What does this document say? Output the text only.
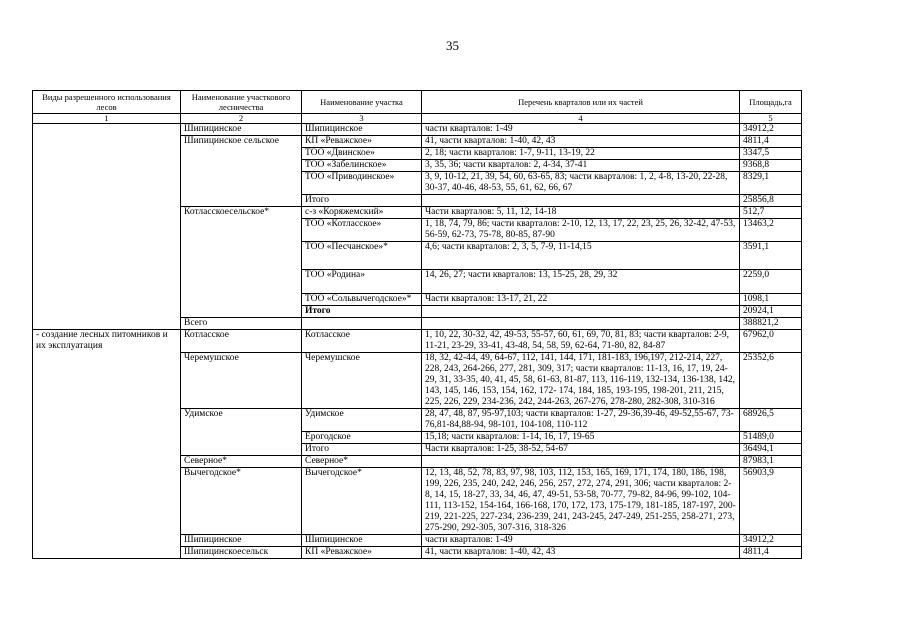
35
Виды разрешенного использования лесов	Наименование участкового лесничества	Наименование участка	Перечень кварталов или их частей	Площадь,га
1	2	3	4	5
	Шипицинское	Шипицинское	части кварталов: 1-49	34912,2
	Шипицинское сельское	КП «Реважское»	41, части кварталов: 1-40, 42, 43	4811,4
		ТОО «Двинское»	2, 18; части кварталов: 1-7, 9-11, 13-19, 22	3347,5
		ТОО «Забелинское»	3, 35, 36; части кварталов: 2, 4-34, 37-41	9368,8
		ТОО «Приводинское»	3, 9, 10-12, 21, 39, 54, 60, 63-65, 83; части кварталов: 1, 2, 4-8, 13-20, 22-28, 30-37, 40-46, 48-53, 55, 61, 62, 66, 67	8329,1
		Итого		25856,8
	Котласскоесельское*	с-з «Коряжемский»	Части кварталов: 5, 11, 12, 14-18	512,7
		ТОО «Котласское»	1, 18, 74, 79, 86; части кварталов: 2-10, 12, 13, 17, 22, 23, 25, 26, 32-42, 47-53, 56-59, 62-73, 75-78, 80-85, 87-90	13463,2
		ТОО «Песчанское»*	4,6; части кварталов: 2, 3, 5, 7-9, 11-14,15	3591,1
		ТОО «Родина»	14, 26, 27; части кварталов: 13, 15-25, 28, 29, 32	2259,0
		ТОО «Сольвычегодское»*	Части кварталов: 13-17, 21, 22	1098,1
		Итого		20924,1
	Всего			388821,2
- создание лесных питомников и их эксплуатация	Котласское	Котласское	1, 10, 22, 30-32, 42, 49-53, 55-57, 60, 61, 69, 70, 81, 83; части кварталов: 2-9, 11-21, 23-29, 33-41, 43-48, 54, 58, 59, 62-64, 71-80, 82, 84-87	67962,0
	Черемушское	Черемушское	18, 32, 42-44, 49, 64-67, 112, 141, 144, 171, 181-183, 196,197, 212-214, 227, 228, 243, 264-266, 277, 281, 309, 317; части кварталов: 11-13, 16, 17, 19, 24-29, 31, 33-35, 40, 41, 45, 58, 61-63, 81-87, 113, 116-119, 132-134, 136-138, 142, 143, 145, 146, 153, 154, 162, 172- 174, 184, 185, 193-195, 198-201, 211, 215, 225, 226, 229, 234-236, 242, 244-263, 267-276, 278-280, 282-308, 310-316	25352,6
	Удимское	Удимское	28, 47, 48, 87, 95-97,103; части кварталов: 1-27, 29-36,39-46, 49-52,55-67, 73-76,81-84,88-94, 98-101, 104-108, 110-112	68926,5
		Ерогодское	15,18; части кварталов: 1-14, 16, 17, 19-65	51489,0
		Итого	Части кварталов: 1-25, 38-52, 54-67	36494,1
	Северное*	Северное*		87983,1
	Вычегодское*	Вычегодское*	12, 13, 48, 52, 78, 83, 97, 98, 103, 112, 153, 165, 169, 171, 174, 180, 186, 198, 199, 226, 235, 240, 242, 246, 256, 257, 272, 274, 291, 306; части кварталов: 2-8, 14, 15, 18-27, 33, 34, 46, 47, 49-51, 53-58, 70-77, 79-82, 84-96, 99-102, 104-111, 113-152, 154-164, 166-168, 170, 172, 173, 175-179, 181-185, 187-197, 200-219, 221-225, 227-234, 236-239, 241, 243-245, 247-249, 251-255, 258-271, 273, 275-290, 292-305, 307-316, 318-326	56903,9
	Шипицинское	Шипицинское	части кварталов: 1-49	34912,2
	Шипицинскоесельск	КП «Реважское»	41, части кварталов: 1-40, 42, 43	4811,4
